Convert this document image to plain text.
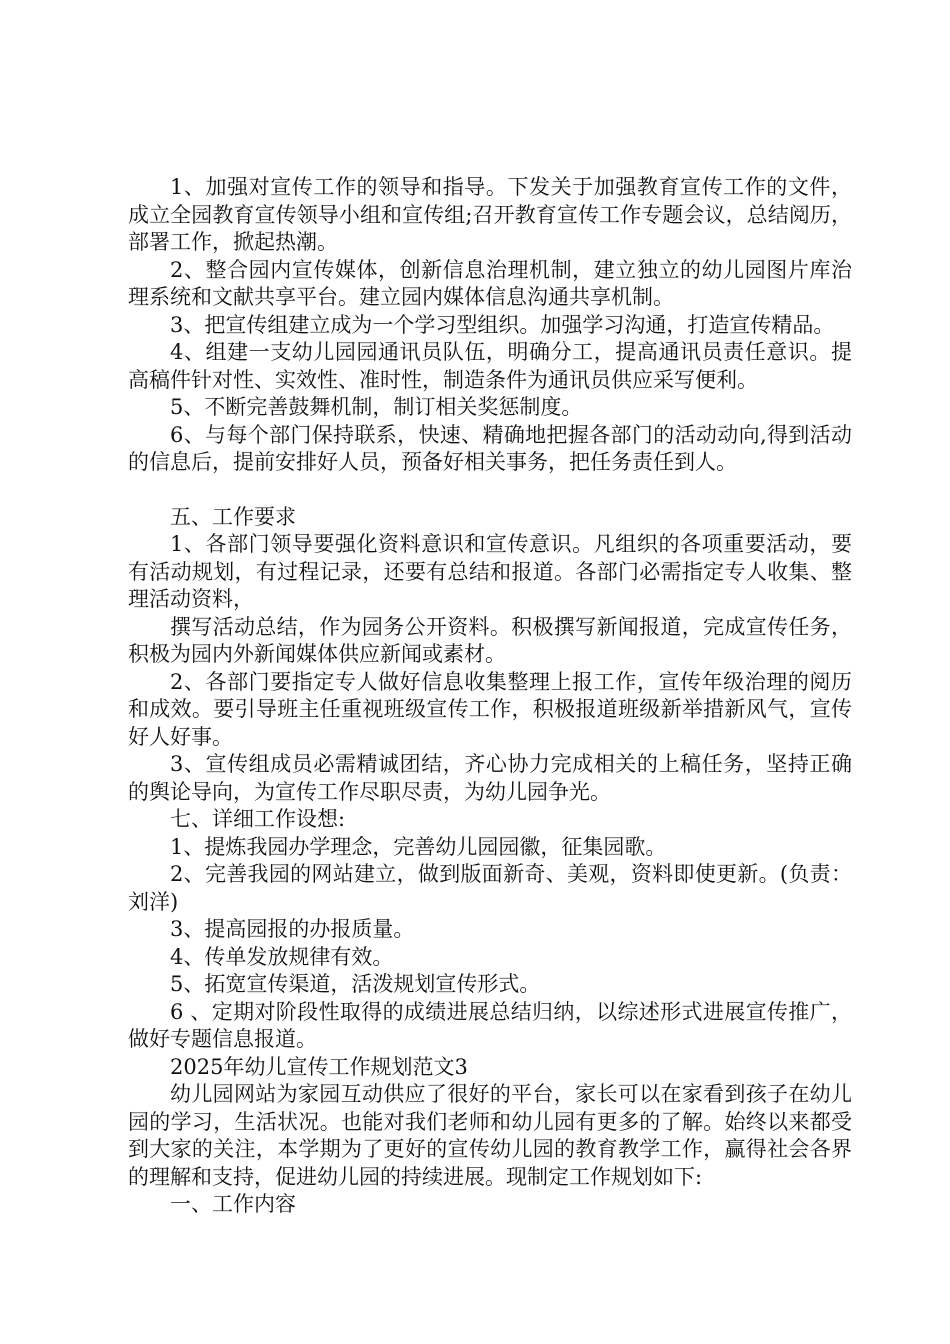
1、加强对宣传工作的领导和指导。下发关于加强教育宣传工作的文件，成立全园教育宣传领导小组和宣传组;召开教育宣传工作专题会议，总结阅历，部署工作，掀起热潮。

2、整合园内宣传媒体，创新信息治理机制，建立独立的幼儿园图片库治理系统和文献共享平台。建立园内媒体信息沟通共享机制。

3、把宣传组建立成为一个学习型组织。加强学习沟通，打造宣传精品。

4、组建一支幼儿园园通讯员队伍，明确分工，提高通讯员责任意识。提高稿件针对性、实效性、准时性，制造条件为通讯员供应采写便利。

5、不断完善鼓舞机制，制订相关奖惩制度。

6、与每个部门保持联系，快速、精确地把握各部门的活动动向,得到活动的信息后，提前安排好人员，预备好相关事务，把任务责任到人。

五、工作要求

1、各部门领导要强化资料意识和宣传意识。凡组织的各项重要活动，要有活动规划，有过程记录，还要有总结和报道。各部门必需指定专人收集、整理活动资料，

撰写活动总结，作为园务公开资料。积极撰写新闻报道，完成宣传任务，积极为园内外新闻媒体供应新闻或素材。

2、各部门要指定专人做好信息收集整理上报工作，宣传年级治理的阅历和成效。要引导班主任重视班级宣传工作，积极报道班级新举措新风气，宣传好人好事。

3、宣传组成员必需精诚团结，齐心协力完成相关的上稿任务，坚持正确的舆论导向，为宣传工作尽职尽责，为幼儿园争光。

七、详细工作设想:

1、提炼我园办学理念，完善幼儿园园徽，征集园歌。

2、完善我园的网站建立，做到版面新奇、美观，资料即使更新。(负责：刘洋)

3、提高园报的办报质量。

4、传单发放规律有效。

5、拓宽宣传渠道，活泼规划宣传形式。

6 、定期对阶段性取得的成绩进展总结归纳，以综述形式进展宣传推广，做好专题信息报道。

2025年幼儿宣传工作规划范文3

幼儿园网站为家园互动供应了很好的平台，家长可以在家看到孩子在幼儿园的学习，生活状况。也能对我们老师和幼儿园有更多的了解。始终以来都受到大家的关注，本学期为了更好的宣传幼儿园的教育教学工作，赢得社会各界的理解和支持，促进幼儿园的持续进展。现制定工作规划如下:

一、工作内容
